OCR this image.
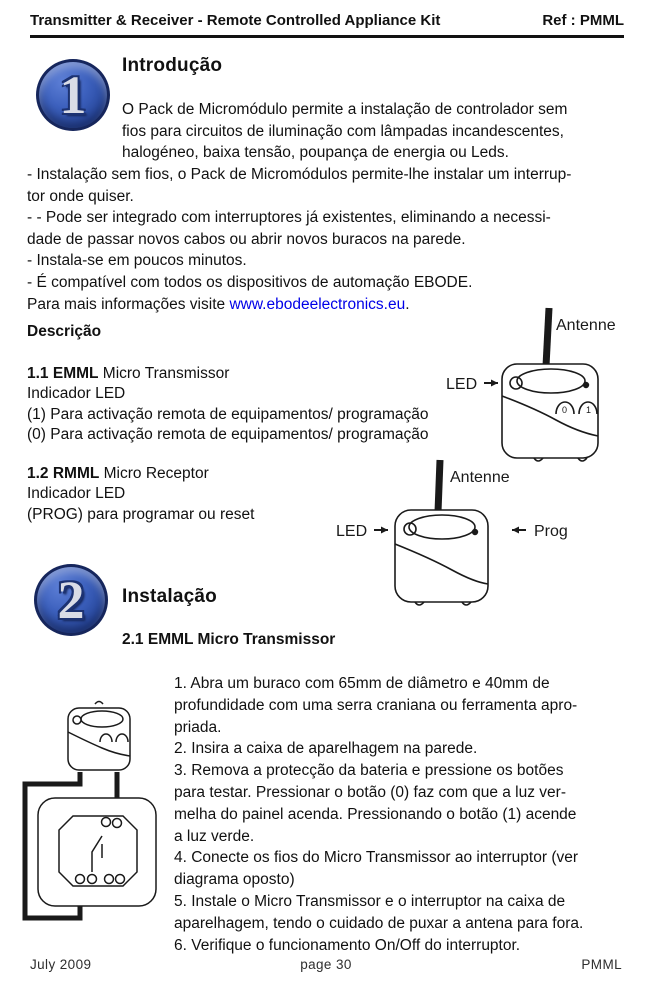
Transmitter & Receiver - Remote Controlled Appliance Kit	Ref : PMML
1 Introdução
O Pack de Micromódulo permite a instalação de controlador sem
fios para circuitos de iluminação com lâmpadas incandescentes,
halogéneo, baixa tensão, poupança de energia ou Leds.
- Instalação sem fios, o Pack de Micromódulos permite-lhe instalar um interrup-
tor onde quiser.
- - Pode ser integrado com interruptores já existentes, eliminando a necessi-
dade de passar novos cabos ou abrir novos buracos na parede.
- Instala-se em poucos minutos.
- É compatível com todos os dispositivos de automação EBODE.
Para mais informações visite www.ebodeelectronics.eu.
Descrição
1.1 EMML Micro Transmissor
Indicador LED
(1) Para activação remota de equipamentos/ programação
(0) Para activação remota de equipamentos/ programação
1.2 RMML Micro Receptor
Indicador LED
(PROG) para programar ou reset
Antenne
LED
0 1
Antenne
LED	Prog
2 Instalação
2.1 EMML Micro Transmissor
1. Abra um buraco com 65mm de diâmetro e 40mm de
profundidade com uma serra craniana ou ferramenta apro-
priada.
2. Insira a caixa de aparelhagem na parede.
3. Remova a protecção da bateria e pressione os botões
para testar. Pressionar o botão (0) faz com que a luz ver-
melha do painel acenda. Pressionando o botão (1) acende
a luz verde.
4. Conecte os fios do Micro Transmissor ao interruptor (ver
diagrama oposto)
5. Instale o Micro Transmissor e o interruptor na caixa de
aparelhagem, tendo o cuidado de puxar a antena para fora.
6. Verifique o funcionamento On/Off do interruptor.
July 2009	page 30	PMML
